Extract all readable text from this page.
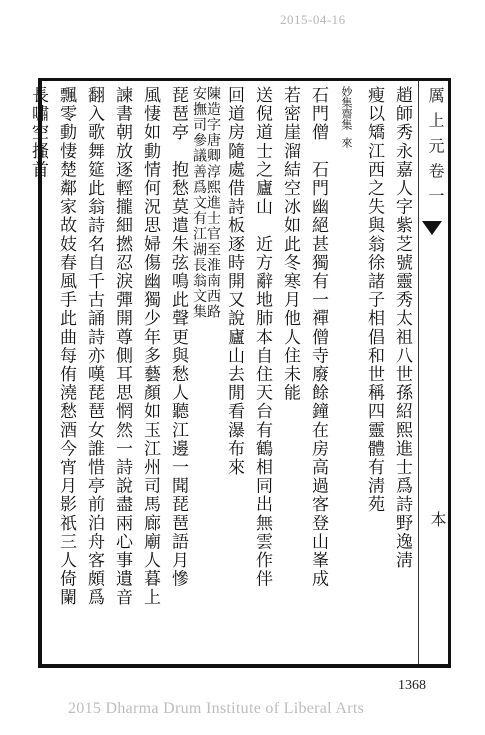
2015-04-16
厲 上 元 卷 一
本
趙師秀永嘉人字紫芝號靈秀太祖八世孫紹熙進士爲詩野逸淸
瘦以矯江西之失與翁徐諸子相倡和世稱四靈體有淸苑
齋集
妙集
來
石門僧　石門幽絕甚獨有一禪僧寺廢餘鐘在房高過客登山峯成
若密崖溜結空冰如此冬寒月他人住未能
送倪道士之廬山　近方辭地肺本自住天台有鶴相同出無雲作伴
回道房隨處借詩板逐時開又說廬山去閒看瀑布來
陳造字唐卿淳熙進士官至淮南西路
安撫司參議善爲文有江湖長翁文集
琵琶亭　抱愁莫遣朱弦鳴此聲更與愁人聽江邊一聞琵琶語月慘
風悽如動情何況思婦傷幽獨少年多藝顏如玉江州司馬廊廟人暮上
諫書朝放逐輕攏細撚忍淚彈開尊側耳思惘然一詩說盡兩心事遺音
翻入歌舞筵此翁詩名自千古誦詩亦嘆琵琶女誰惜亭前泊舟客頗爲
飄零動悽楚鄰家故妓春風手此曲每侑澆愁酒今宵月影祇三人倚闌
長嘯空搔首
1368
2015 Dharma Drum Institute of Liberal Arts
